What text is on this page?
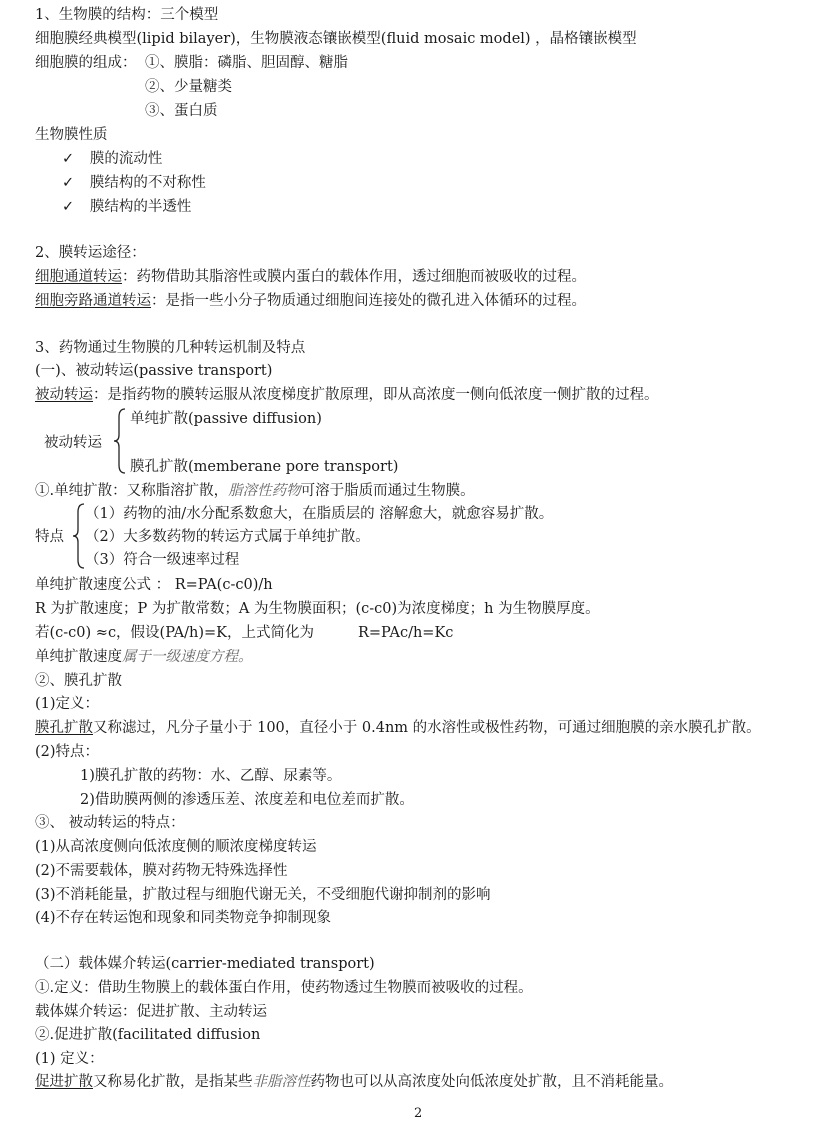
1、生物膜的结构：三个模型
细胞膜经典模型(lipid bilayer)，生物膜液态镶嵌模型(fluid mosaic model) ，晶格镶嵌模型
细胞膜的组成： ①、膜脂：磷脂、胆固醇、糖脂
②、少量糖类
③、蛋白质
生物膜性质
✓ 膜的流动性
✓ 膜结构的不对称性
✓ 膜结构的半透性
2、膜转运途径：
细胞通道转运：药物借助其脂溶性或膜内蛋白的载体作用，透过细胞而被吸收的过程。
细胞旁路通道转运：是指一些小分子物质通过细胞间连接处的微孔进入体循环的过程。
3、药物通过生物膜的几种转运机制及特点
(一)、被动转运(passive transport)
被动转运：是指药物的膜转运服从浓度梯度扩散原理，即从高浓度一侧向低浓度一侧扩散的过程。
被动转运
单纯扩散(passive diffusion)
膜孔扩散(memberane pore transport)
①.单纯扩散：又称脂溶扩散，脂溶性药物可溶于脂质而通过生物膜。
特点
（1）药物的油/水分配系数愈大，在脂质层的 溶解愈大，就愈容易扩散。
（2）大多数药物的转运方式属于单纯扩散。
（3）符合一级速率过程
单纯扩散速度公式 ： R=PA(c-c0)/h
R 为扩散速度；P 为扩散常数；A 为生物膜面积；(c-c0)为浓度梯度；h 为生物膜厚度。
若(c-c0) ≈c，假设(PA/h)=K，上式简化为	R=PAc/h=Kc
单纯扩散速度属于一级速度方程。
②、膜孔扩散
(1)定义：
膜孔扩散又称滤过，凡分子量小于 100，直径小于 0.4nm 的水溶性或极性药物，可通过细胞膜的亲水膜孔扩散。
(2)特点：
1)膜孔扩散的药物：水、乙醇、尿素等。
2)借助膜两侧的渗透压差、浓度差和电位差而扩散。
③、 被动转运的特点：
(1)从高浓度侧向低浓度侧的顺浓度梯度转运
(2)不需要载体，膜对药物无特殊选择性
(3)不消耗能量，扩散过程与细胞代谢无关，不受细胞代谢抑制剂的影响
(4)不存在转运饱和现象和同类物竞争抑制现象
（二）载体媒介转运(carrier-mediated transport)
①.定义：借助生物膜上的载体蛋白作用，使药物透过生物膜而被吸收的过程。
载体媒介转运：促进扩散、主动转运
②.促进扩散(facilitated diffusion
(1) 定义：
促进扩散又称易化扩散，是指某些非脂溶性药物也可以从高浓度处向低浓度处扩散，且不消耗能量。
2
